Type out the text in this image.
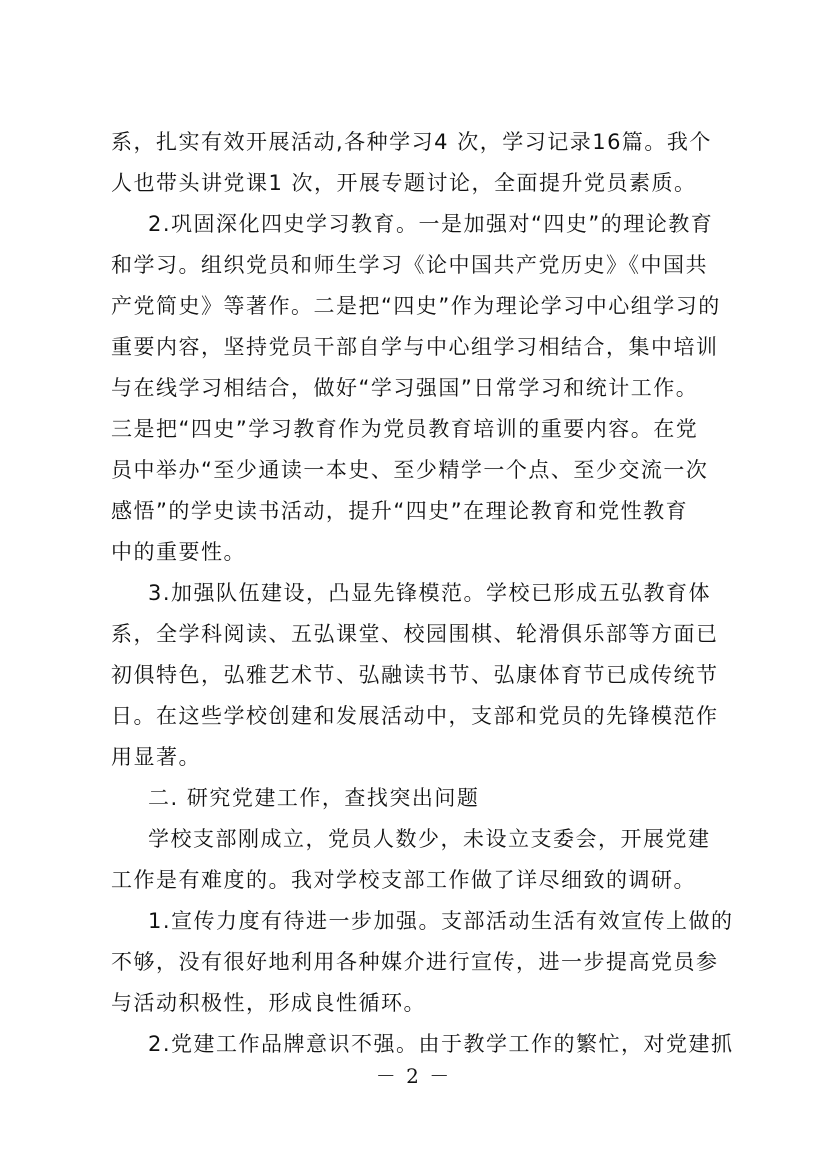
系，扎实有效开展活动,各种学习4 次，学习记录16篇。我个
人也带头讲党课1 次，开展专题讨论，全面提升党员素质。
2.巩固深化四史学习教育。一是加强对“四史”的理论教育
和学习。组织党员和师生学习《论中国共产党历史》《中国共
产党简史》等著作。二是把“四史”作为理论学习中心组学习的
重要内容，坚持党员干部自学与中心组学习相结合，集中培训
与在线学习相结合，做好“学习强国”日常学习和统计工作。
三是把“四史”学习教育作为党员教育培训的重要内容。在党
员中举办“至少通读一本史、至少精学一个点、至少交流一次
感悟”的学史读书活动，提升“四史”在理论教育和党性教育
中的重要性。
3.加强队伍建设，凸显先锋模范。学校已形成五弘教育体
系，全学科阅读、五弘课堂、校园围棋、轮滑俱乐部等方面已
初俱特色，弘雅艺术节、弘融读书节、弘康体育节已成传统节
日。在这些学校创建和发展活动中，支部和党员的先锋模范作
用显著。
二. 研究党建工作，查找突出问题
学校支部刚成立，党员人数少，未设立支委会，开展党建
工作是有难度的。我对学校支部工作做了详尽细致的调研。
1.宣传力度有待进一步加强。支部活动生活有效宣传上做的
不够，没有很好地利用各种媒介进行宣传，进一步提高党员参
与活动积极性，形成良性循环。
2.党建工作品牌意识不强。由于教学工作的繁忙，对党建抓
－ 2 －
